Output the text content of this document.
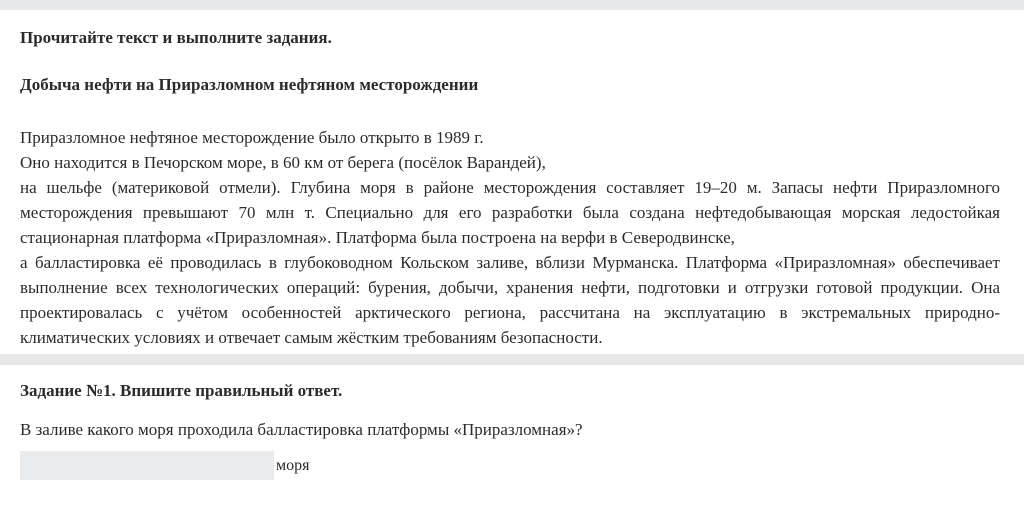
Прочитайте текст и выполните задания.

Добыча нефти на Приразломном нефтяном месторождении

Приразломное нефтяное месторождение было открыто в 1989 г.
Оно находится в Печорском море, в 60 км от берега (посёлок Варандей),
на шельфе (материковой отмели). Глубина моря в районе месторождения составляет 19–20 м. Запасы нефти Приразломного месторождения превышают 70 млн т. Специально для его разработки была создана нефтедобывающая морская ледостойкая стационарная платформа «Приразломная». Платформа была построена на верфи в Северодвинске,
а балластировка её проводилась в глубоководном Кольском заливе, вблизи Мурманска. Платформа «Приразломная» обеспечивает выполнение всех технологических операций: бурения, добычи, хранения нефти, подготовки и отгрузки готовой продукции. Она проектировалась с учётом особенностей арктического региона, рассчитана на эксплуатацию в экстремальных природно-климатических условиях и отвечает самым жёстким требованиям безопасности.

Задание №1. Впишите правильный ответ.

В заливе какого моря проходила балластировка платформы «Приразломная»?

моря
